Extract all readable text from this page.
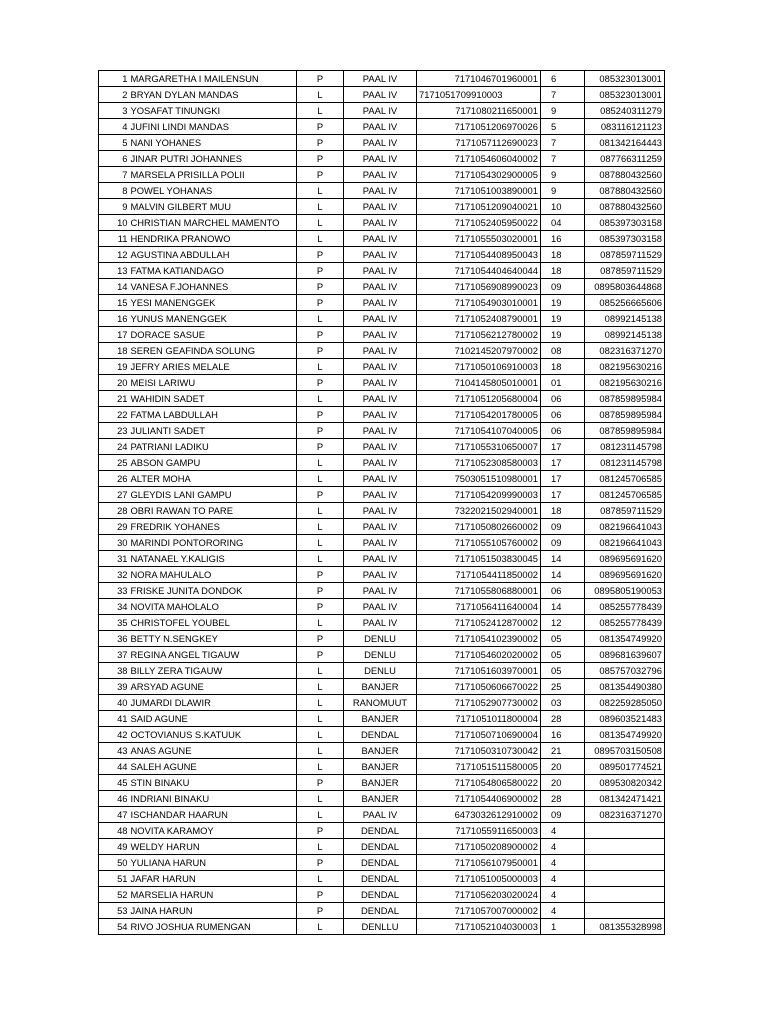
1	MARGARETHA I MAILENSUN	P	PAAL IV	7171046701960001	6	085323013001
2	BRYAN DYLAN MANDAS	L	PAAL IV	7171051709910003	7	085323013001
3	YOSAFAT TINUNGKI	L	PAAL IV	7171080211650001	9	085240311279
4	JUFINI LINDI MANDAS	P	PAAL IV	7171051206970026	5	083116121123
5	NANI YOHANES	P	PAAL IV	7171057112690023	7	081342164443
6	JINAR PUTRI JOHANNES	P	PAAL IV	7171054606040002	7	087766311259
7	MARSELA PRISILLA POLII	P	PAAL IV	7171054302900005	9	087880432560
8	POWEL YOHANAS	L	PAAL IV	7171051003890001	9	087880432560
9	MALVIN GILBERT MUU	L	PAAL IV	7171051209040021	10	087880432560
10	CHRISTIAN MARCHEL MAMENTO	L	PAAL IV	7171052405950022	04	085397303158
11	HENDRIKA PRANOWO	L	PAAL IV	7171055503020001	16	085397303158
12	AGUSTINA ABDULLAH	P	PAAL IV	7171054408950043	18	087859711529
13	FATMA KATIANDAGO	P	PAAL IV	7171054404640044	18	087859711529
14	VANESA F.JOHANNES	P	PAAL IV	7171056908990023	09	0895803644868
15	YESI MANENGGEK	P	PAAL IV	7171054903010001	19	085256665606
16	YUNUS MANENGGEK	L	PAAL IV	7171052408790001	19	08992145138
17	DORACE SASUE	P	PAAL IV	7171056212780002	19	08992145138
18	SEREN GEAFINDA SOLUNG	P	PAAL IV	7102145207970002	08	082316371270
19	JEFRY ARIES MELALE	L	PAAL IV	7171050106910003	18	082195630216
20	MEISI LARIWU	P	PAAL IV	7104145805010001	01	082195630216
21	WAHIDIN SADET	L	PAAL IV	7171051205680004	06	087859895984
22	FATMA LABDULLAH	P	PAAL IV	7171054201780005	06	087859895984
23	JULIANTI SADET	P	PAAL IV	7171054107040005	06	087859895984
24	PATRIANI LADIKU	P	PAAL IV	7171055310650007	17	081231145798
25	ABSON GAMPU	L	PAAL IV	7171052308580003	17	081231145798
26	ALTER MOHA	L	PAAL IV	7503051510980001	17	081245706585
27	GLEYDIS LANI GAMPU	P	PAAL IV	7171054209990003	17	081245706585
28	OBRI RAWAN TO PARE	L	PAAL IV	7322021502940001	18	087859711529
29	FREDRIK YOHANES	L	PAAL IV	7171050802660002	09	082196641043
30	MARINDI PONTORORING	L	PAAL IV	7171055105760002	09	082196641043
31	NATANAEL Y.KALIGIS	L	PAAL IV	7171051503830045	14	089695691620
32	NORA MAHULALO	P	PAAL IV	7171054411850002	14	089695691620
33	FRISKE JUNITA DONDOK	P	PAAL IV	7171055806880001	06	0895805190053
34	NOVITA MAHOLALO	P	PAAL IV	7171056411640004	14	085255778439
35	CHRISTOFEL YOUBEL	L	PAAL IV	7171052412870002	12	085255778439
36	BETTY N.SENGKEY	P	DENLU	7171054102390002	05	081354749920
37	REGINA ANGEL TIGAUW	P	DENLU	7171054602020002	05	089681639607
38	BILLY ZERA TIGAUW	L	DENLU	7171051603970001	05	085757032796
39	ARSYAD AGUNE	L	BANJER	7171050606670022	25	081354490380
40	JUMARDI DLAWIR	L	RANOMUUT	7171052907730002	03	082259285050
41	SAID AGUNE	L	BANJER	7171051011800004	28	089603521483
42	OCTOVIANUS S.KATUUK	L	DENDAL	7171050710690004	16	081354749920
43	ANAS AGUNE	L	BANJER	7171050310730042	21	0895703150508
44	SALEH AGUNE	L	BANJER	7171051511580005	20	089501774521
45	STIN BINAKU	P	BANJER	7171054806580022	20	089530820342
46	INDRIANI BINAKU	L	BANJER	7171054406900002	28	081342471421
47	ISCHANDAR HAARUN	L	PAAL IV	6473032612910002	09	082316371270
48	NOVITA KARAMOY	P	DENDAL	7171055911650003	4	
49	WELDY HARUN	L	DENDAL	7171050208900002	4	
50	YULIANA HARUN	P	DENDAL	7171056107950001	4	
51	JAFAR HARUN	L	DENDAL	7171051005000003	4	
52	MARSELIA HARUN	P	DENDAL	7171056203020024	4	
53	JAINA HARUN	P	DENDAL	7171057007000002	4	
54	RIVO JOSHUA RUMENGAN	L	DENLLU	7171052104030003	1	081355328998
